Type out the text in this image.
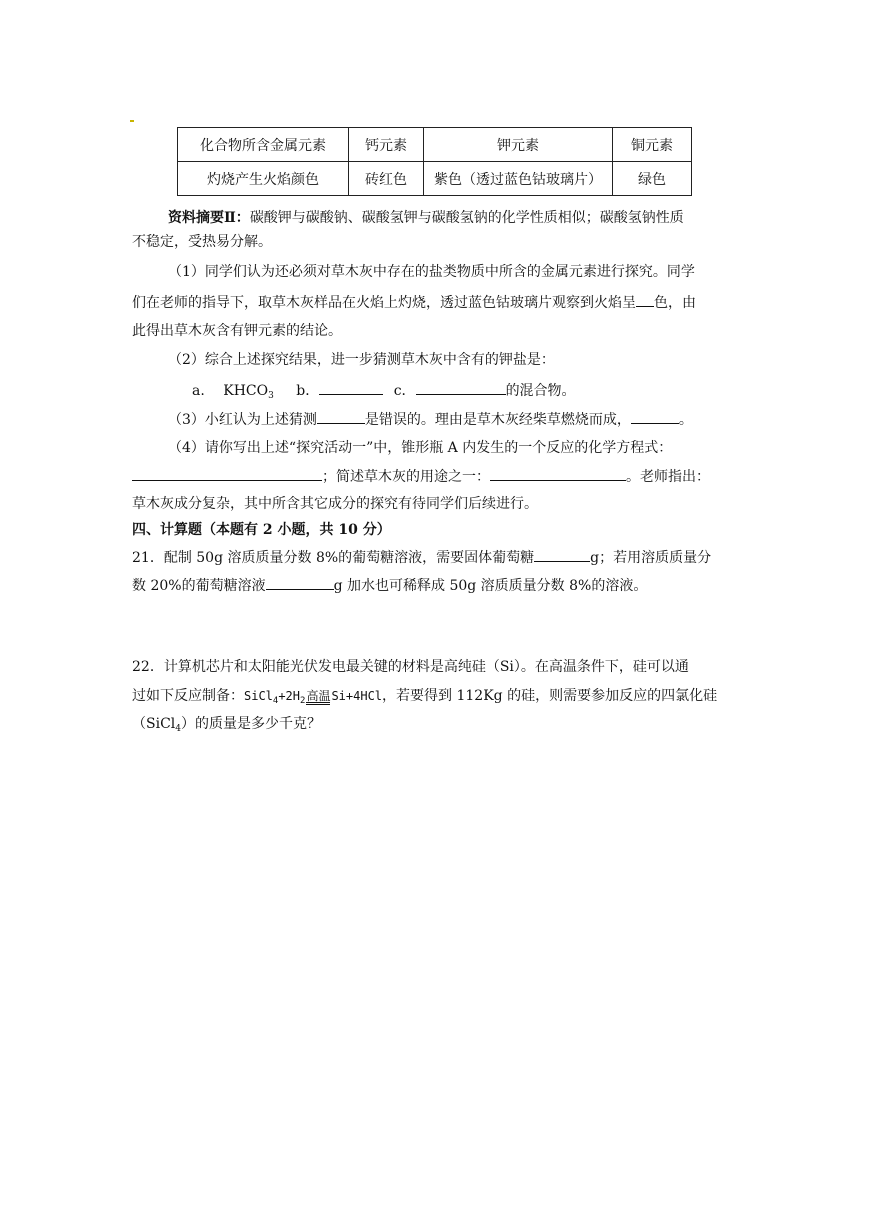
化合物所含金属元素	钙元素	钾元素	铜元素
灼烧产生火焰颜色	砖红色	紫色（透过蓝色钴玻璃片）	绿色
资料摘要Ⅱ：碳酸钾与碳酸钠、碳酸氢钾与碳酸氢钠的化学性质相似；碳酸氢钠性质
不稳定，受热易分解。
（1）同学们认为还必须对草木灰中存在的盐类物质中所含的金属元素进行探究。同学
们在老师的指导下，取草木灰样品在火焰上灼烧，透过蓝色钴玻璃片观察到火焰呈 色，由
此得出草木灰含有钾元素的结论。
（2）综合上述探究结果，进一步猜测草木灰中含有的钾盐是：
a. $KHCO_3$ b．	c．	的混合物。
（3）小红认为上述猜测	是错误的。理由是草木灰经柴草燃烧而成，	。
（4）请你写出上述“探究活动一”中，锥形瓶 A 内发生的一个反应的化学方程式：
；简述草木灰的用途之一：	。老师指出：
草木灰成分复杂，其中所含其它成分的探究有待同学们后续进行。
四、计算题（本题有 2 小题，共 10 分）
21．配制 50g 溶质质量分数 8%的葡萄糖溶液，需要固体葡萄糖	g；若用溶质质量分
数 20%的葡萄糖溶液	g 加水也可稀释成 50g 溶质质量分数 8%的溶液。
22．计算机芯片和太阳能光伏发电最关键的材料是高纯硅（Si）。在高温条件下，硅可以通
过如下反应制备：$SiCl_4+2H_2$高温Si+4HCl，若要得到 112Kg 的硅，则需要参加反应的四氯化硅
（SiCl$_4$）的质量是多少千克？
